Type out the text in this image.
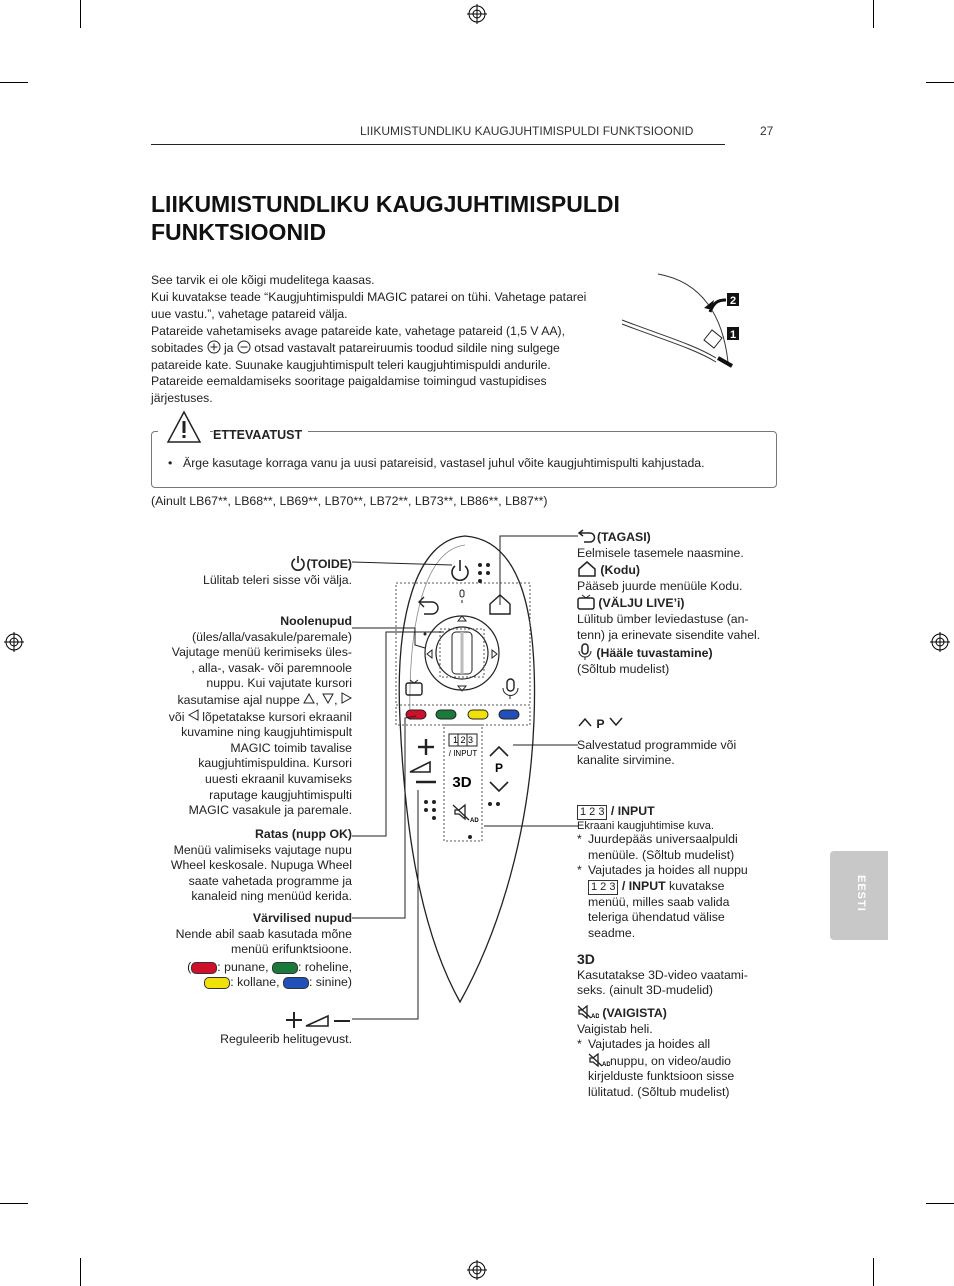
LIIKUMISTUNDLIKU KAUGJUHTIMISPULDI FUNKTSIOONID	27
LIIKUMISTUNDLIKU KAUGJUHTIMISPULDI
FUNKTSIOONID
See tarvik ei ole kõigi mudelitega kaasas.
Kui kuvatakse teade “Kaugjuhtimispuldi MAGIC patarei on tühi. Vahetage patarei
uue vastu.”, vahetage patareid välja.
Patareide vahetamiseks avage patareide kate, vahetage patareid (1,5 V AA),
sobitades ja otsad vastavalt patareiruumis toodud sildile ning sulgege
patareide kate. Suunake kaugjuhtimispult teleri kaugjuhtimispuldi andurile.
Patareide eemaldamiseks sooritage paigaldamise toimingud vastupidises
järjestuses.
2
1
ETTEVAATUST
• Ärge kasutage korraga vanu ja uusi patareisid, vastasel juhul võite kaugjuhtimispulti kahjustada.
(Ainult LB67**, LB68**, LB69**, LB70**, LB72**, LB73**, LB86**, LB87**)
1 2 3
/ INPUT
3D
AD
P
(TOIDE)
Lülitab teleri sisse või välja.
Noolenupud
(üles/alla/vasakule/paremale)
Vajutage menüü kerimiseks üles-
, alla-, vasak- või paremnoole
nuppu. Kui vajutate kursori
kasutamise ajal nuppe , ,
või lõpetatakse kursori ekraanil
kuvamine ning kaugjuhtimispult
MAGIC toimib tavalise
kaugjuhtimispuldina. Kursori
uuesti ekraanil kuvamiseks
raputage kaugjuhtimispulti
MAGIC vasakule ja paremale.
Ratas (nupp OK)
Menüü valimiseks vajutage nupu
Wheel keskosale. Nupuga Wheel
saate vahetada programme ja
kanaleid ning menüüd kerida.
Värvilised nupud
Nende abil saab kasutada mõne
menüü erifunktsioone.
( : punane, : roheline,
: kollane, : sinine)
Reguleerib helitugevust.
(TAGASI)
Eelmisele tasemele naasmine.
(Kodu)
Pääseb juurde menüüle Kodu.
(VÄLJU LIVE’i)
Lülitub ümber leviedastuse (an-
tenn) ja erinevate sisendite vahel.
(Hääle tuvastamine)
(Sõltub mudelist)
P
Salvestatud programmide või
kanalite sirvimine.
1 2 3 / INPUT
Ekraani kaugjuhtimise kuva.
* Juurdepääs universaalpuldi
menüüle. (Sõltub mudelist)
* Vajutades ja hoides all nuppu
1 2 3 / INPUT kuvatakse
menüü, milles saab valida
teleriga ühendatud välise
seadme.
3D
Kasutatakse 3D-video vaatami-
seks. (ainult 3D-mudelid)
AD (VAIGISTA)
Vaigistab heli.
* Vajutades ja hoides all
AD nuppu, on video/audio
kirjelduste funktsioon sisse
lülitatud. (Sõltub mudelist)
EESTI
